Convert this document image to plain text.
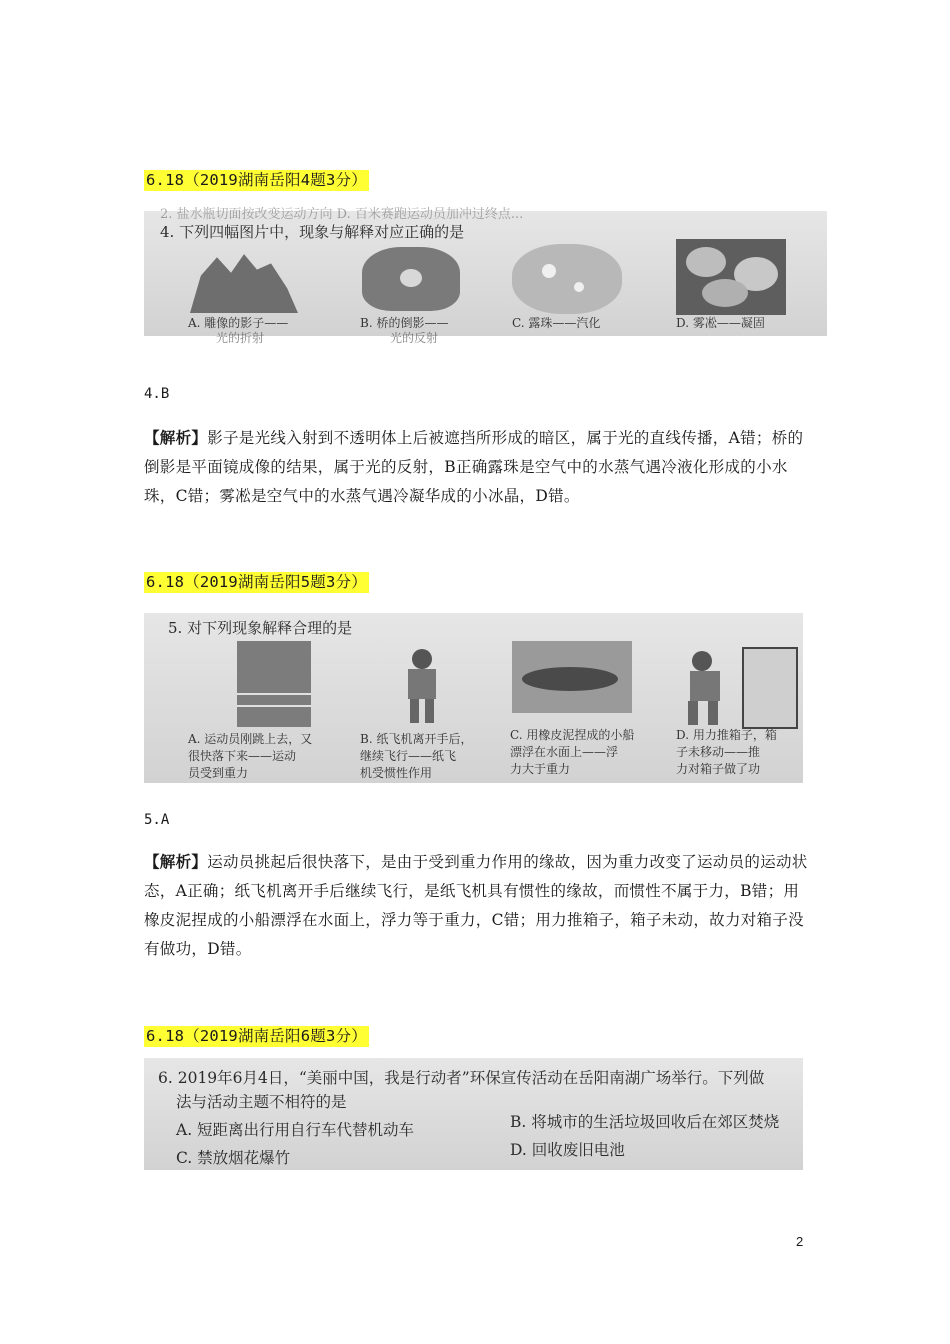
6.18（2019湖南岳阳4题3分）
2. 盐水瓶切面按改变运动方向 D. 百米赛跑运动员加冲过终点...
4. 下列四幅图片中，现象与解释对应正确的是
A. 雕像的影子——	B. 桥的倒影——	C. 露珠——汽化	D. 雾凇——凝固
光的折射	光的反射
4.B
【解析】影子是光线入射到不透明体上后被遮挡所形成的暗区，属于光的直线传播，A错；桥的倒影是平面镜成像的结果，属于光的反射，B正确露珠是空气中的水蒸气遇冷液化形成的小水珠，C错；雾凇是空气中的水蒸气遇冷凝华成的小冰晶，D错。
6.18（2019湖南岳阳5题3分）
5. 对下列现象解释合理的是
A. 运动员刚跳上去，又
很快落下来——运动
员受到重力
B. 纸飞机离开手后，
继续飞行——纸飞
机受惯性作用
C. 用橡皮泥捏成的小船
漂浮在水面上——浮
力大于重力
D. 用力推箱子，箱
子未移动——推
力对箱子做了功
5.A
【解析】运动员挑起后很快落下，是由于受到重力作用的缘故，因为重力改变了运动员的运动状态，A正确；纸飞机离开手后继续飞行，是纸飞机具有惯性的缘故，而惯性不属于力，B错；用橡皮泥捏成的小船漂浮在水面上，浮力等于重力，C错；用力推箱子，箱子未动，故力对箱子没有做功，D错。
6.18（2019湖南岳阳6题3分）
6. 2019年6月4日，“美丽中国，我是行动者”环保宣传活动在岳阳南湖广场举行。下列做
法与活动主题不相符的是
A. 短距离出行用自行车代替机动车	B. 将城市的生活垃圾回收后在郊区焚烧
C. 禁放烟花爆竹	D. 回收废旧电池
2
